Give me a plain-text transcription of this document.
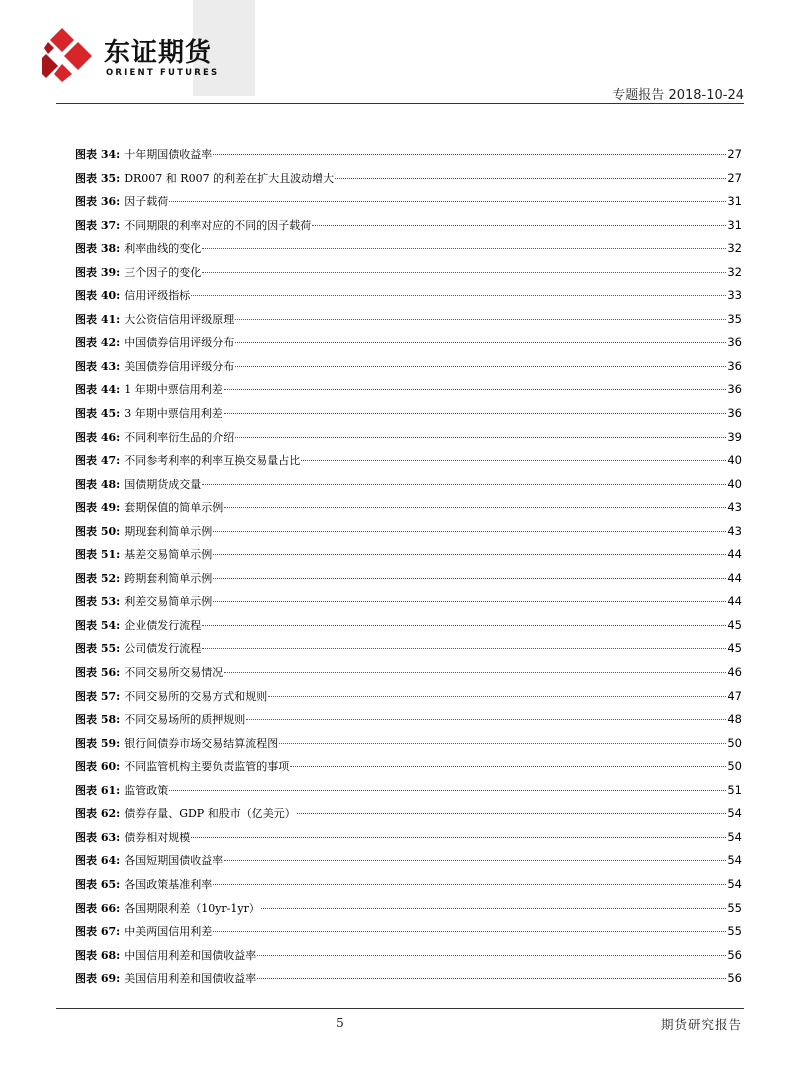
东证期货
ORIENT FUTURES
专题报告 2018-10-24
图表 34: 十年期国债收益率	27
图表 35: DR007 和 R007 的利差在扩大且波动增大	27
图表 36: 因子载荷	31
图表 37: 不同期限的利率对应的不同的因子载荷	31
图表 38: 利率曲线的变化	32
图表 39: 三个因子的变化	32
图表 40: 信用评级指标	33
图表 41: 大公资信信用评级原理	35
图表 42: 中国债券信用评级分布	36
图表 43: 美国债券信用评级分布	36
图表 44: 1 年期中票信用利差	36
图表 45: 3 年期中票信用利差	36
图表 46: 不同利率衍生品的介绍	39
图表 47: 不同参考利率的利率互换交易量占比	40
图表 48: 国债期货成交量	40
图表 49: 套期保值的简单示例	43
图表 50: 期现套利简单示例	43
图表 51: 基差交易简单示例	44
图表 52: 跨期套利简单示例	44
图表 53: 利差交易简单示例	44
图表 54: 企业债发行流程	45
图表 55: 公司债发行流程	45
图表 56: 不同交易所交易情况	46
图表 57: 不同交易所的交易方式和规则	47
图表 58: 不同交易场所的质押规则	48
图表 59: 银行间债券市场交易结算流程图	50
图表 60: 不同监管机构主要负责监管的事项	50
图表 61: 监管政策	51
图表 62: 债券存量、GDP 和股市（亿美元）	54
图表 63: 债券相对规模	54
图表 64: 各国短期国债收益率	54
图表 65: 各国政策基准利率	54
图表 66: 各国期限利差（10yr-1yr）	55
图表 67: 中美两国信用利差	55
图表 68: 中国信用利差和国债收益率	56
图表 69: 美国信用利差和国债收益率	56
5	期货研究报告
